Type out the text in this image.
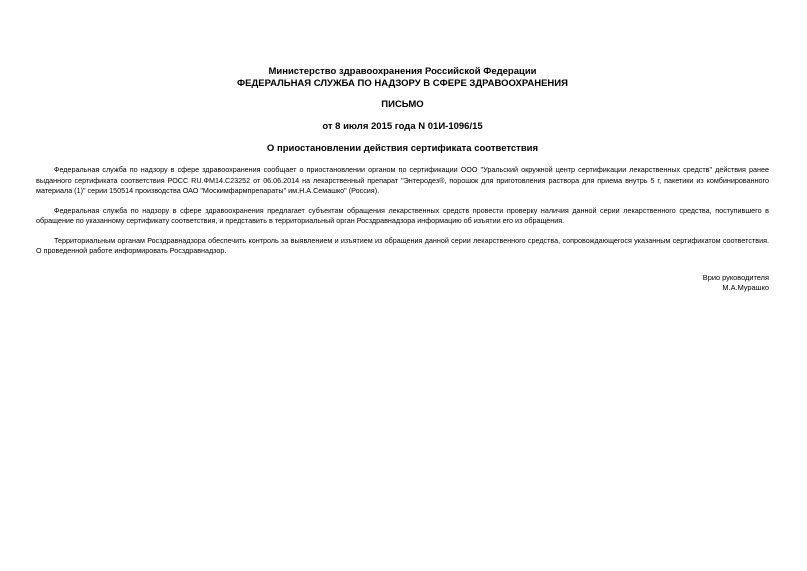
Министерство здравоохранения Российской Федерации

ФЕДЕРАЛЬНАЯ СЛУЖБА ПО НАДЗОРУ В СФЕРЕ ЗДРАВООХРАНЕНИЯ

ПИСЬМО

от 8 июля 2015 года N 01И-1096/15

О приостановлении действия сертификата соответствия

Федеральная служба по надзору в сфере здравоохранения сообщает о приостановлении органом по сертификации ООО "Уральский окружной центр сертификации лекарственных средств" действия ранее выданного сертификата соответствия РОСС RU.ФМ14.С23252 от 06.06.2014 на лекарственный препарат "Энтеродез®, порошок для приготовления раствора для приема внутрь 5 г, пакетики из комбинированного материала (1)" серии 150514 производства ОАО "Москимфармпрепараты" им.Н.А.Семашко" (Россия).

Федеральная служба по надзору в сфере здравоохранения предлагает субъектам обращения лекарственных средств провести проверку наличия данной серии лекарственного средства, поступившего в обращение по указанному сертификату соответствия, и представить в территориальный орган Росздравнадзора информацию об изъятии его из обращения.

Территориальным органам Росздравнадзора обеспечить контроль за выявлением и изъятием из обращения данной серии лекарственного средства, сопровождающегося указанным сертификатом соответствия. О проведенной работе информировать Росздравнадзор.

Врио руководителя

М.А.Мурашко
